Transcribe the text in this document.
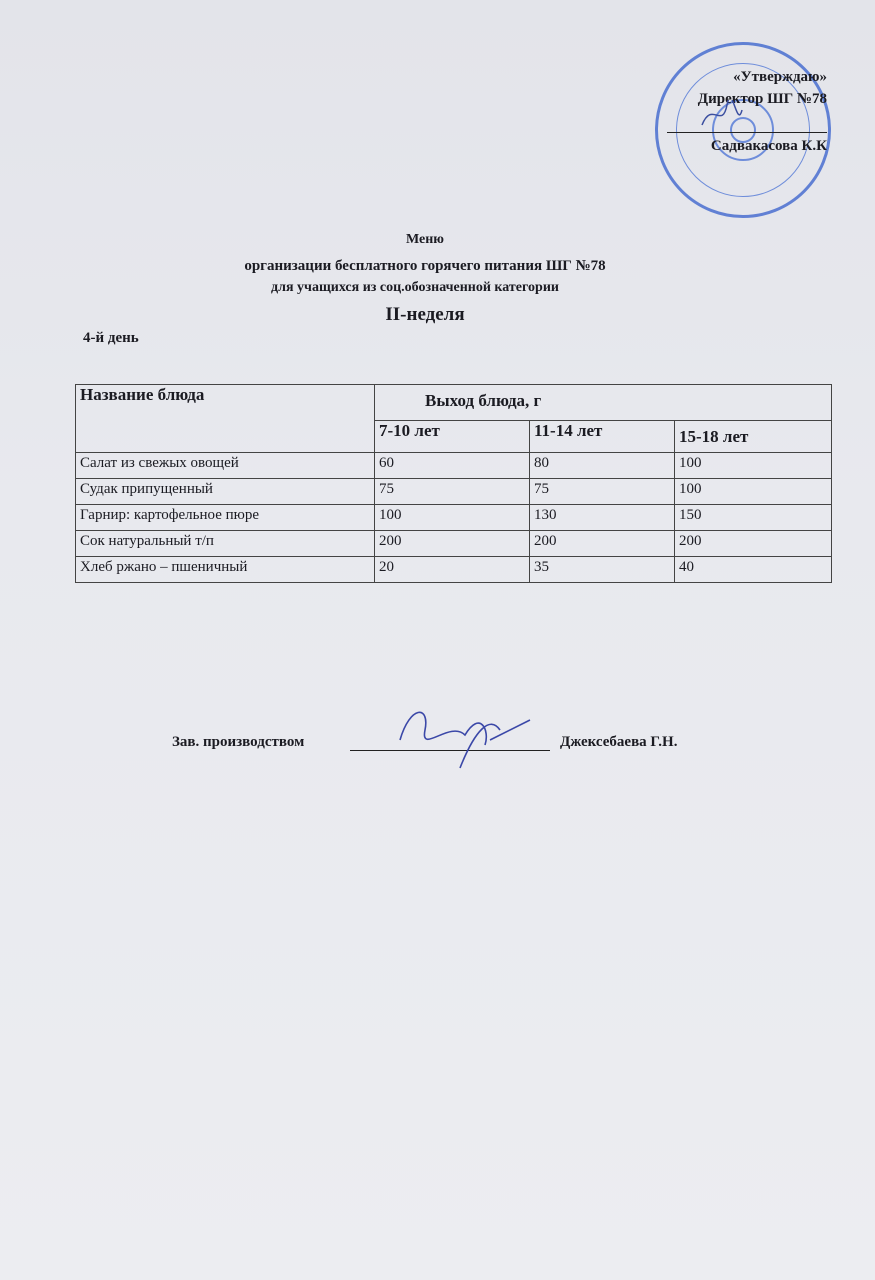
«Утверждаю»
Директор ШГ №78
Садвакасова К.К
Меню
организации бесплатного горячего питания ШГ №78
для учащихся из соц.обозначенной категории
II-неделя
4-й день
Название блюда	Выход блюда, г		
	7-10 лет	11-14 лет	15-18 лет
Салат из свежых овощей	60	80	100
Судак припущенный	75	75	100
Гарнир: картофельное пюре	100	130	150
Сок натуральный т/п	200	200	200
Хлеб ржано – пшеничный	20	35	40
Зав. производством	Джексебаева Г.Н.
